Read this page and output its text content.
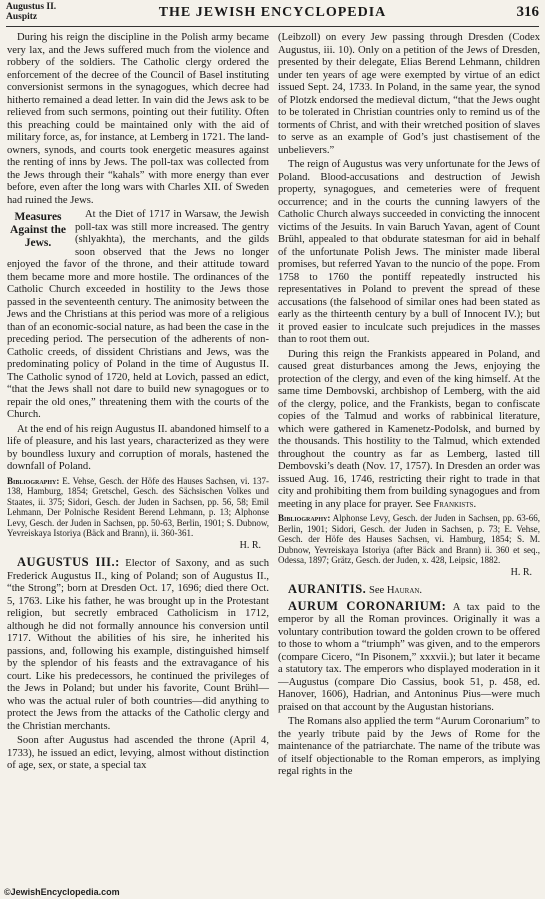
Augustus II.
Auspitz	THE JEWISH ENCYCLOPEDIA	316

During his reign the discipline in the Polish army became very lax, and the Jews suffered much from the violence and robbery of the soldiers. The Catholic clergy ordered the enforcement of the decree of the Council of Basel instituting conversionist sermons in the synagogues, which decree had hitherto remained a dead letter. In vain did the Jews ask to be relieved from such sermons, pointing out their futility. Often this preaching could be maintained only with the aid of military force, as, for instance, at Lemberg in 1721. The land-owners, synods, and courts took energetic measures against the renting of inns by Jews. The poll-tax was collected from the Jews through their “kahals” with more energy than ever before, even after the long wars with Charles XII. of Sweden had ruined the Jews.

Measures Against the Jews.

At the Diet of 1717 in Warsaw, the Jewish poll-tax was still more increased. The gentry (shlyakhta), the merchants, and the gilds soon observed that the Jews no longer enjoyed the favor of the throne, and their attitude toward them became more and more hostile. The ordinances of the Catholic Church exceeded in hostility to the Jews those passed in the seventeenth century. The animosity between the Jews and the Christians at this period was more of a religious than of an economic-social nature, as had been the case in the preceding period. The persecution of the adherents of non-Catholic creeds, of dissident Christians and Jews, was the predominating policy of Poland in the time of Augustus II. The Catholic synod of 1720, held at Lovich, passed an edict, “that the Jews shall not dare to build new synagogues or to repair the old ones,” threatening them with the courts of the Church.

At the end of his reign Augustus II. abandoned himself to a life of pleasure, and his last years, characterized as they were by boundless luxury and corruption of morals, hastened the downfall of Poland.

Bibliography: E. Vehse, Gesch. der Höfe des Hauses Sachsen, vi. 137-138, Hamburg, 1854; Gretschel, Gesch. des Sächsischen Volkes und Staates, ii. 375; Sidori, Gesch. der Juden in Sachsen, pp. 56, 58; Emil Lehmann, Der Polnische Resident Berend Lehmann, p. 13; Alphonse Levy, Gesch. der Juden in Sachsen, pp. 50-63, Berlin, 1901; S. Dubnow, Yevreiskaya Istoriya (Bäck and Brann), ii. 360-361.

H. R.

AUGUSTUS III.: Elector of Saxony, and as such Frederick Augustus II., king of Poland; son of Augustus II., “the Strong”; born at Dresden Oct. 17, 1696; died there Oct. 5, 1763. Like his father, he was brought up in the Protestant religion, but secretly embraced Catholicism in 1712, although he did not formally announce his conversion until 1717. Without the abilities of his sire, he inherited his passions, and, following his example, distinguished himself by the splendor of his feasts and the extravagance of his court. Like his predecessors, he continued the privileges of the Jews in Poland; but under his favorite, Count Brühl—who was the actual ruler of both countries—did anything to protect the Jews from the attacks of the Catholic clergy and the Christian merchants.

Soon after Augustus had ascended the throne (April 4, 1733), he issued an edict, levying, almost without distinction of age, sex, or state, a special tax

(Leibzoll) on every Jew passing through Dresden (Codex Augustus, iii. 10). Only on a petition of the Jews of Dresden, presented by their delegate, Elias Berend Lehmann, children under ten years of age were exempted by virtue of an edict issued Sept. 24, 1733. In Poland, in the same year, the synod of Plotzk endorsed the medieval dictum, “that the Jews ought to be tolerated in Christian countries only to remind us of the torments of Christ, and with their wretched position of slaves to serve as an example of God’s just chastisement of the unbelievers.”

The reign of Augustus was very unfortunate for the Jews of Poland. Blood-accusations and destruction of Jewish property, synagogues, and cemeteries were of frequent occurrence; and in the courts the cunning lawyers of the Catholic Church always succeeded in convicting the innocent victims of the Jesuits. In vain Baruch Yavan, agent of Count Brühl, appealed to that obdurate statesman for aid in behalf of the unfortunate Polish Jews. The minister made liberal promises, but referred Yavan to the nuncio of the pope. From 1758 to 1760 the pontiff repeatedly instructed his representatives in Poland to prevent the spread of these accusations (the falsehood of similar ones had been stated as early as the thirteenth century by a bull of Innocent IV.); but it proved easier to inculcate such prejudices in the masses than to root them out.

During this reign the Frankists appeared in Poland, and caused great disturbances among the Jews, enjoying the protection of the clergy, and even of the king himself. At the same time Dembovski, archbishop of Lemberg, with the aid of the clergy, police, and the Frankists, began to confiscate copies of the Talmud and works of rabbinical literature, which were gathered in Kamenetz-Podolsk, and burned by the thousands. This hostility to the Talmud, which extended throughout the country as far as Lemberg, lasted till Dembovski’s death (Nov. 17, 1757). In Dresden an order was issued Aug. 16, 1746, restricting their right to trade in that city and prohibiting them from building synagogues and from meeting in any place for prayer. See Frankists.

Bibliography: Alphonse Levy, Gesch. der Juden in Sachsen, pp. 63-66, Berlin, 1901; Sidori, Gesch. der Juden in Sachsen, p. 73; E. Vehse, Gesch. der Höfe des Hauses Sachsen, vi. Hamburg, 1854; S. M. Dubnow, Yevreiskaya Istoriya (after Bäck and Brann) ii. 360 et seq., Odessa, 1897; Grätz, Gesch. der Juden, x. 428, Leipsic, 1882.

H. R.

AURANITIS. See Hauran.

AURUM CORONARIUM: A tax paid to the emperor by all the Roman provinces. Originally it was a voluntary contribution toward the golden crown to be offered to those to whom a “triumph” was given, and to the emperors (compare Cicero, “In Pisonem,” xxxvii.); but later it became a statutory tax. The emperors who displayed moderation in it—Augustus (compare Dio Cassius, book 51, p. 458, ed. Hanover, 1606), Hadrian, and Antoninus Pius—were much praised on that account by the Augustan historians.

The Romans also applied the term “Aurum Coronarium” to the yearly tribute paid by the Jews of Rome for the maintenance of the patriarchate. The name of the tribute was of itself objectionable to the Roman emperors, as implying regal rights in the

©JewishEncyclopedia.com
